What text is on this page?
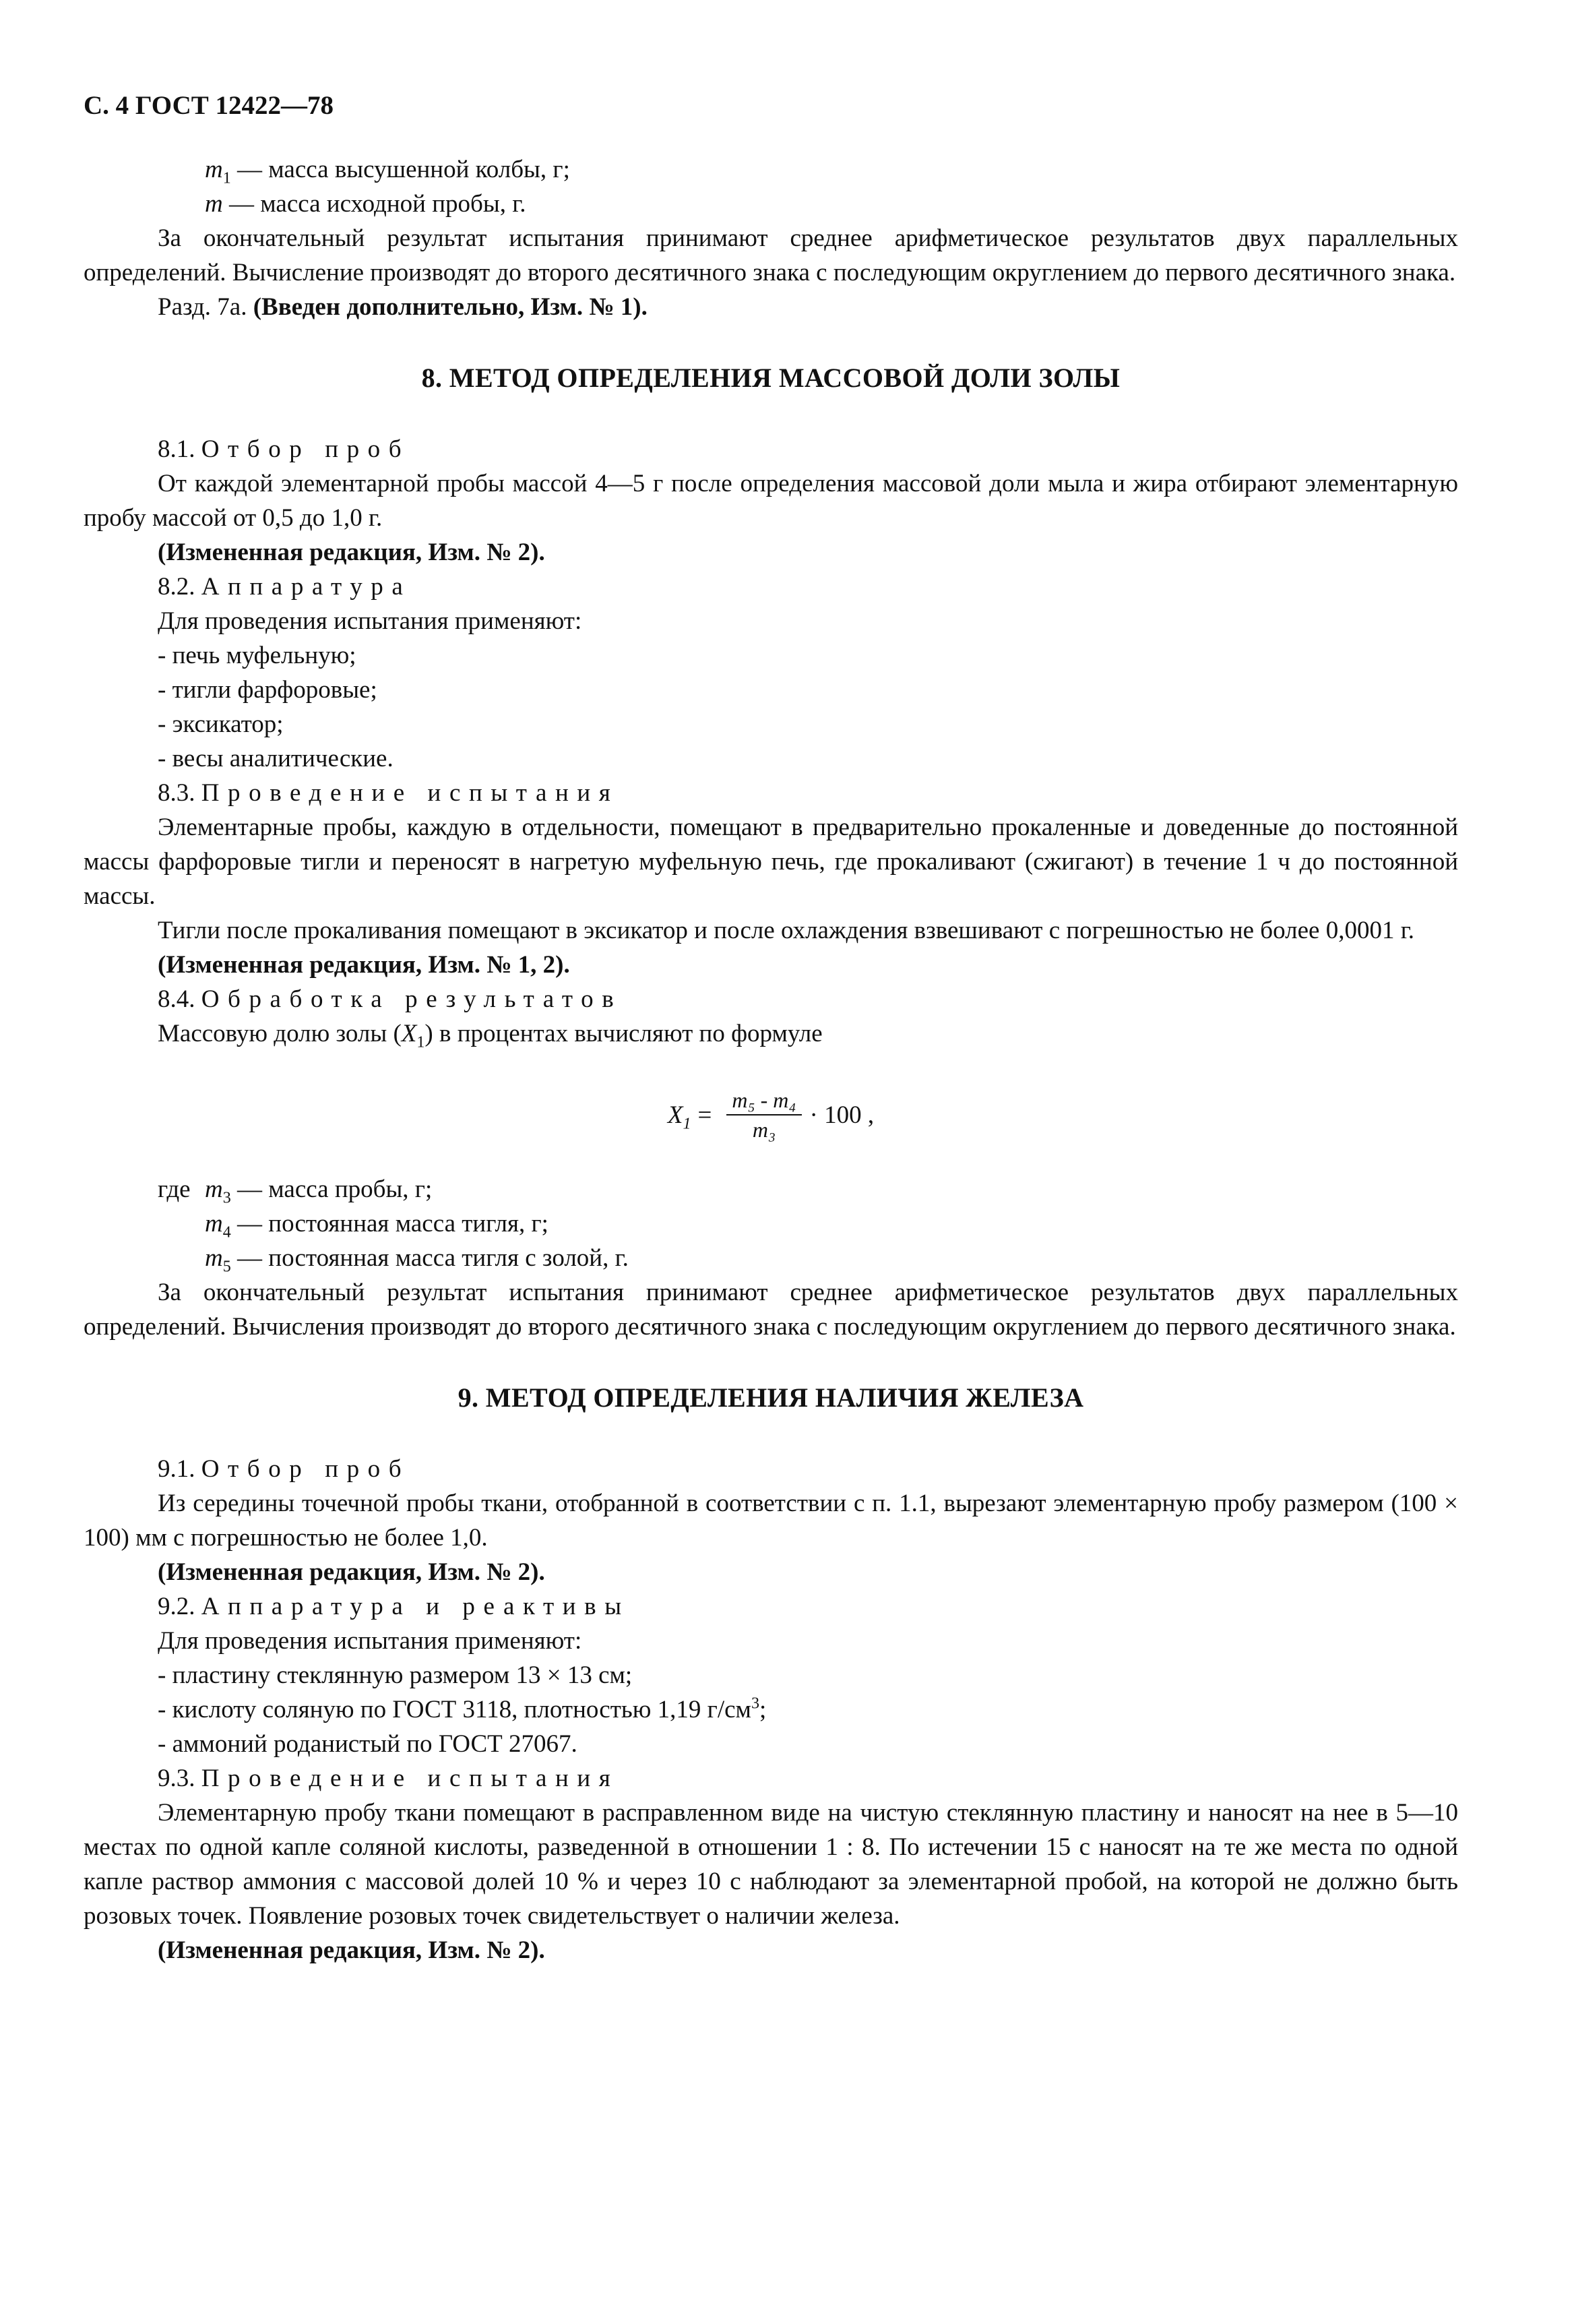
С. 4 ГОСТ 12422—78

$m_1$ — масса высушенной колбы, г;

m — масса исходной пробы, г.

За окончательный результат испытания принимают среднее арифметическое результатов двух параллельных определений. Вычисление производят до второго десятичного знака с последующим округлением до первого десятичного знака.

Разд. 7а. (Введен дополнительно, Изм. № 1).

8. МЕТОД ОПРЕДЕЛЕНИЯ МАССОВОЙ ДОЛИ ЗОЛЫ

8.1. Отбор проб

От каждой элементарной пробы массой 4—5 г после определения массовой доли мыла и жира отбирают элементарную пробу массой от 0,5 до 1,0 г.

(Измененная редакция, Изм. № 2).

8.2. Аппаратура

Для проведения испытания применяют:

- печь муфельную;

- тигли фарфоровые;

- эксикатор;

- весы аналитические.

8.3. Проведение испытания

Элементарные пробы, каждую в отдельности, помещают в предварительно прокаленные и доведенные до постоянной массы фарфоровые тигли и переносят в нагретую муфельную печь, где прокаливают (сжигают) в течение 1 ч до постоянной массы.

Тигли после прокаливания помещают в эксикатор и после охлаждения взвешивают с погрешностью не более 0,0001 г.

(Измененная редакция, Изм. № 1, 2).

8.4. Обработка результатов

Массовую долю золы $(X_1)$ в процентах вычисляют по формуле

$X_1 = \frac{\text{m₅ - m₄}}{\text{m₃}} \cdot 100$ ,

где $m_3$ — масса пробы, г;

$m_4$ — постоянная масса тигля, г;

$m_5$ — постоянная масса тигля с золой, г.

За окончательный результат испытания принимают среднее арифметическое результатов двух параллельных определений. Вычисления производят до второго десятичного знака с последующим округлением до первого десятичного знака.

9. МЕТОД ОПРЕДЕЛЕНИЯ НАЛИЧИЯ ЖЕЛЕЗА

9.1. Отбор проб

Из середины точечной пробы ткани, отобранной в соответствии с п. 1.1, вырезают элементарную пробу размером (100 × 100) мм с погрешностью не более 1,0.

(Измененная редакция, Изм. № 2).

9.2. Аппаратура и реактивы

Для проведения испытания применяют:

- пластину стеклянную размером 13 × 13 см;

- кислоту соляную по ГОСТ 3118, плотностью 1,19 $г/см^3$;

- аммоний роданистый по ГОСТ 27067.

9.3. Проведение испытания

Элементарную пробу ткани помещают в расправленном виде на чистую стеклянную пластину и наносят на нее в 5—10 местах по одной капле соляной кислоты, разведенной в отношении 1 : 8. По истечении 15 с наносят на те же места по одной капле раствор аммония с массовой долей 10 % и через 10 с наблюдают за элементарной пробой, на которой не должно быть розовых точек. Появление розовых точек свидетельствует о наличии железа.

(Измененная редакция, Изм. № 2).
